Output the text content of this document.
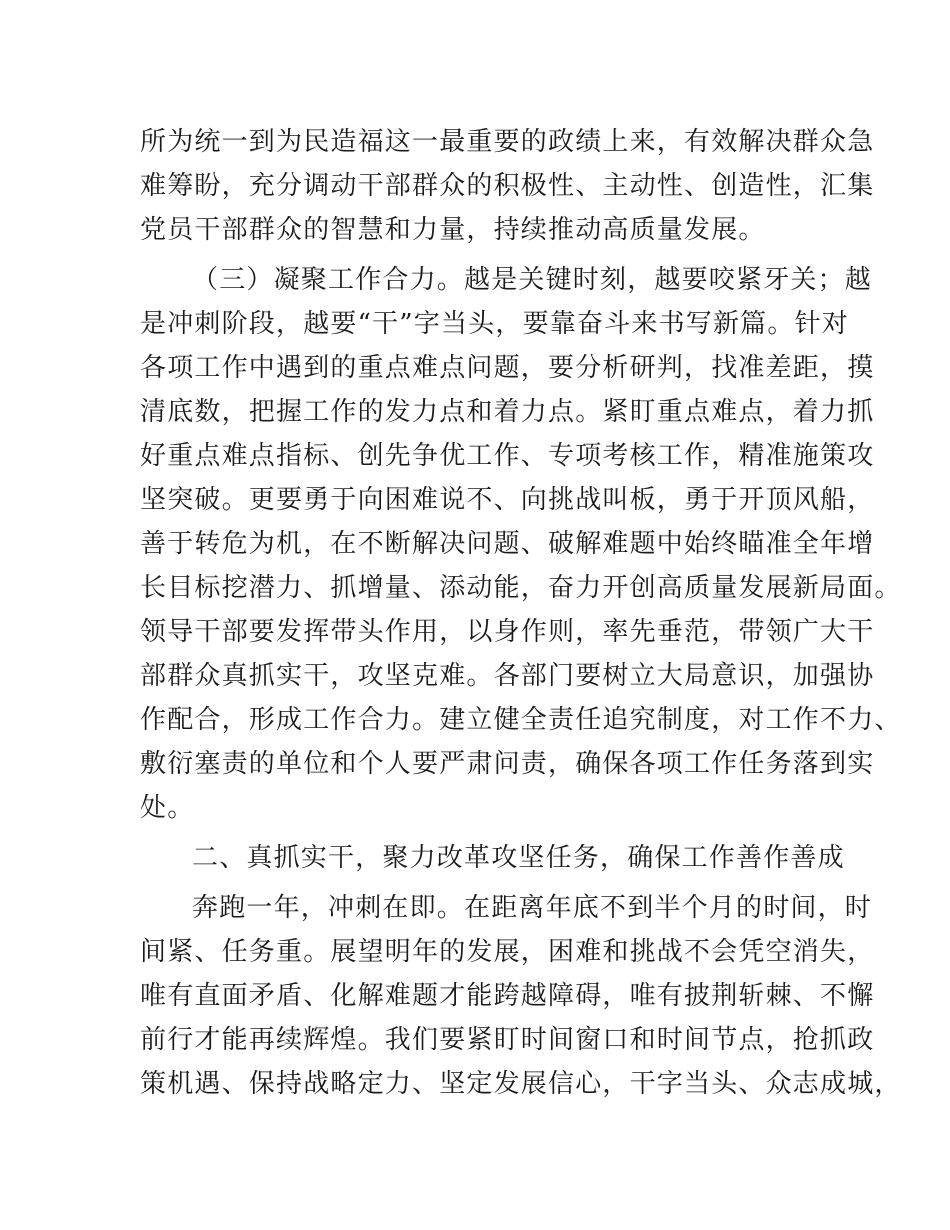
所为统一到为民造福这一最重要的政绩上来，有效解决群众急

难筹盼，充分调动干部群众的积极性、主动性、创造性，汇集

党员干部群众的智慧和力量，持续推动高质量发展。

（三）凝聚工作合力。越是关键时刻，越要咬紧牙关；越

是冲刺阶段，越要“干”字当头，要靠奋斗来书写新篇。针对

各项工作中遇到的重点难点问题，要分析研判，找准差距，摸

清底数，把握工作的发力点和着力点。紧盯重点难点，着力抓

好重点难点指标、创先争优工作、专项考核工作，精准施策攻

坚突破。更要勇于向困难说不、向挑战叫板，勇于开顶风船，

善于转危为机，在不断解决问题、破解难题中始终瞄准全年增

长目标挖潜力、抓增量、添动能，奋力开创高质量发展新局面。

领导干部要发挥带头作用，以身作则，率先垂范，带领广大干

部群众真抓实干，攻坚克难。各部门要树立大局意识，加强协

作配合，形成工作合力。建立健全责任追究制度，对工作不力、

敷衍塞责的单位和个人要严肃问责，确保各项工作任务落到实

处。

二、真抓实干，聚力改革攻坚任务，确保工作善作善成

奔跑一年，冲刺在即。在距离年底不到半个月的时间，时

间紧、任务重。展望明年的发展，困难和挑战不会凭空消失，

唯有直面矛盾、化解难题才能跨越障碍，唯有披荆斩棘、不懈

前行才能再续辉煌。我们要紧盯时间窗口和时间节点，抢抓政

策机遇、保持战略定力、坚定发展信心，干字当头、众志成城，
